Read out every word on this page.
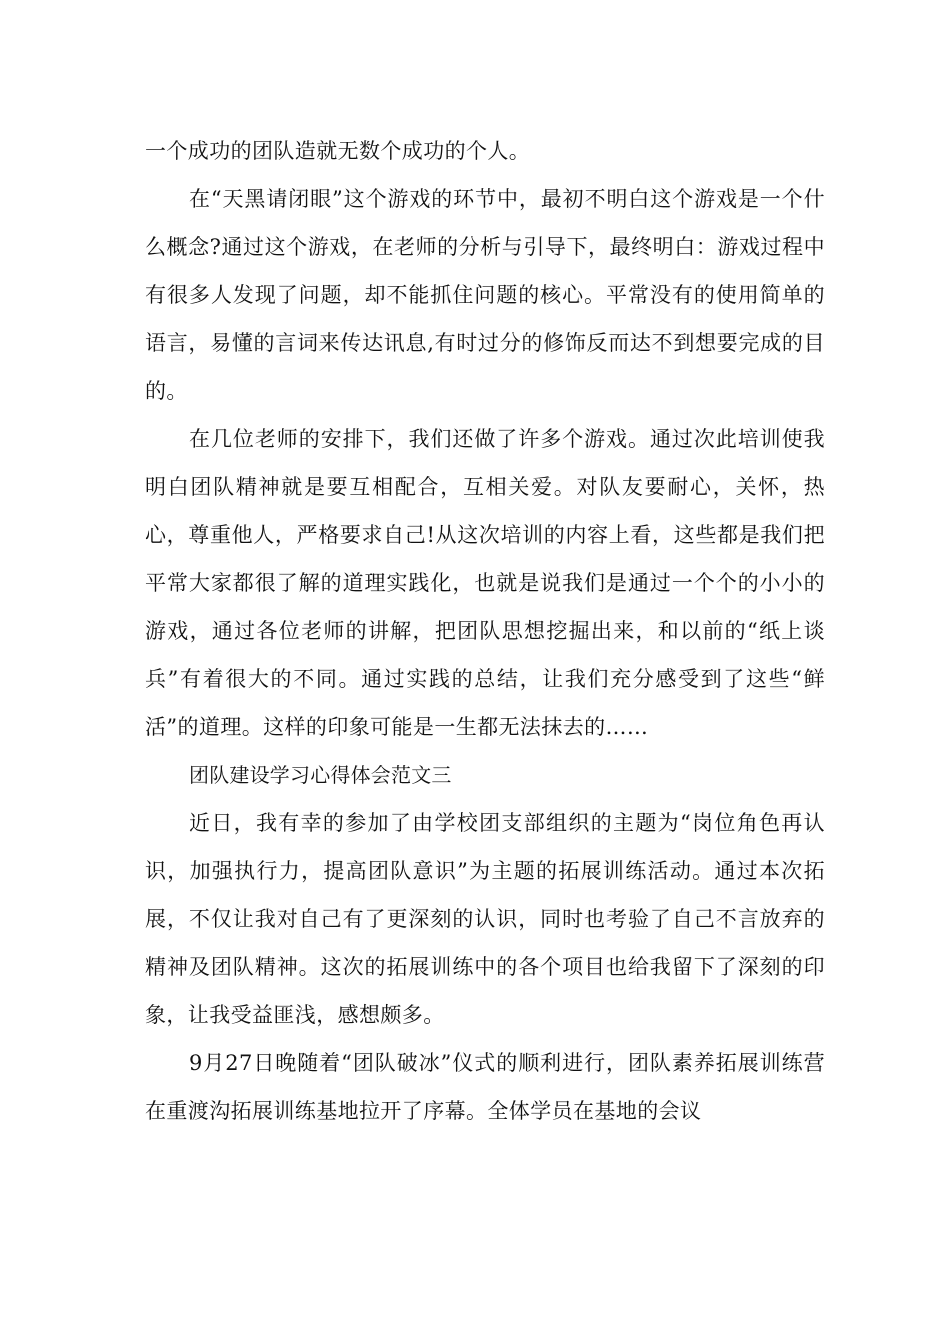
一个成功的团队造就无数个成功的个人。

在“天黑请闭眼”这个游戏的环节中，最初不明白这个游戏是一个什么概念?通过这个游戏，在老师的分析与引导下，最终明白：游戏过程中有很多人发现了问题，却不能抓住问题的核心。平常没有的使用简单的语言，易懂的言词来传达讯息,有时过分的修饰反而达不到想要完成的目的。

在几位老师的安排下，我们还做了许多个游戏。通过次此培训使我明白团队精神就是要互相配合，互相关爱。对队友要耐心，关怀，热心，尊重他人，严格要求自己!从这次培训的内容上看，这些都是我们把平常大家都很了解的道理实践化，也就是说我们是通过一个个的小小的游戏，通过各位老师的讲解，把团队思想挖掘出来，和以前的“纸上谈兵”有着很大的不同。通过实践的总结，让我们充分感受到了这些“鲜活”的道理。这样的印象可能是一生都无法抹去的……

团队建设学习心得体会范文三

近日，我有幸的参加了由学校团支部组织的主题为“岗位角色再认识，加强执行力，提高团队意识”为主题的拓展训练活动。通过本次拓展，不仅让我对自己有了更深刻的认识，同时也考验了自己不言放弃的精神及团队精神。这次的拓展训练中的各个项目也给我留下了深刻的印象，让我受益匪浅，感想颇多。

9月27日晚随着“团队破冰”仪式的顺利进行，团队素养拓展训练营在重渡沟拓展训练基地拉开了序幕。全体学员在基地的会议
